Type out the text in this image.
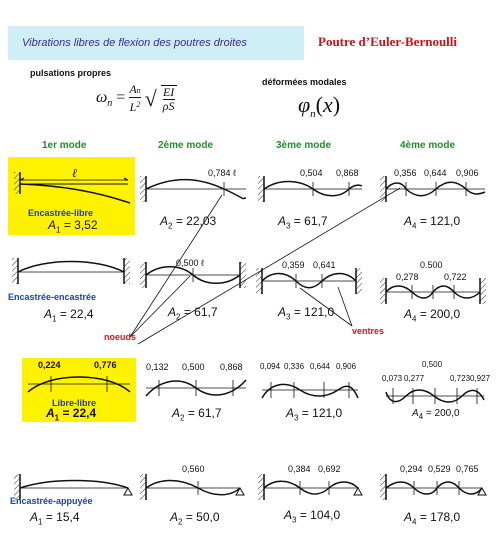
Vibrations libres de flexion des poutres droites	Poutre d’Euler-Bernoulli
pulsations propres
$\omega_n = \frac{An}{L^2}$ √ $\frac{EI}{\rho S}$
déformées modales
$\varphi_n(x)$
1er mode	2ème mode	3ème mode	4ème mode
ℓ
Encastrée-libre
Encastrée-encastrée
Libre-libre
Encastrée-appuyée
0,784 ℓ	0,504 0,868	0,356 0,644 0,906
0,500 ℓ	0,359 0,641	0.500
0,278	0,722
0,224	0,776	0,132 0,500 0,868 0,094 0,336 0,644 0,906	0,500
0,073 0,277	0,723 0,927
0,560	0,384 0,692	0,294 0,529 0,765
$A_1 = 3,52$	$A_2 = 22,03$	$A_3 = 61,7$	$A_4 = 121,0$
$A_1 = 22,4$	$A_2 = 61,7$	$A_3 = 121,0$	$A_4 = 200,0$
$A_1 = 22,4$	$A_2 = 61,7$	$A_3 = 121,0$	$A_4 = 200,0$
$A_1 = 15,4$	$A_2 = 50,0$	$A_3 = 104,0$	$A_4 = 178,0$
noeuds
ventres
